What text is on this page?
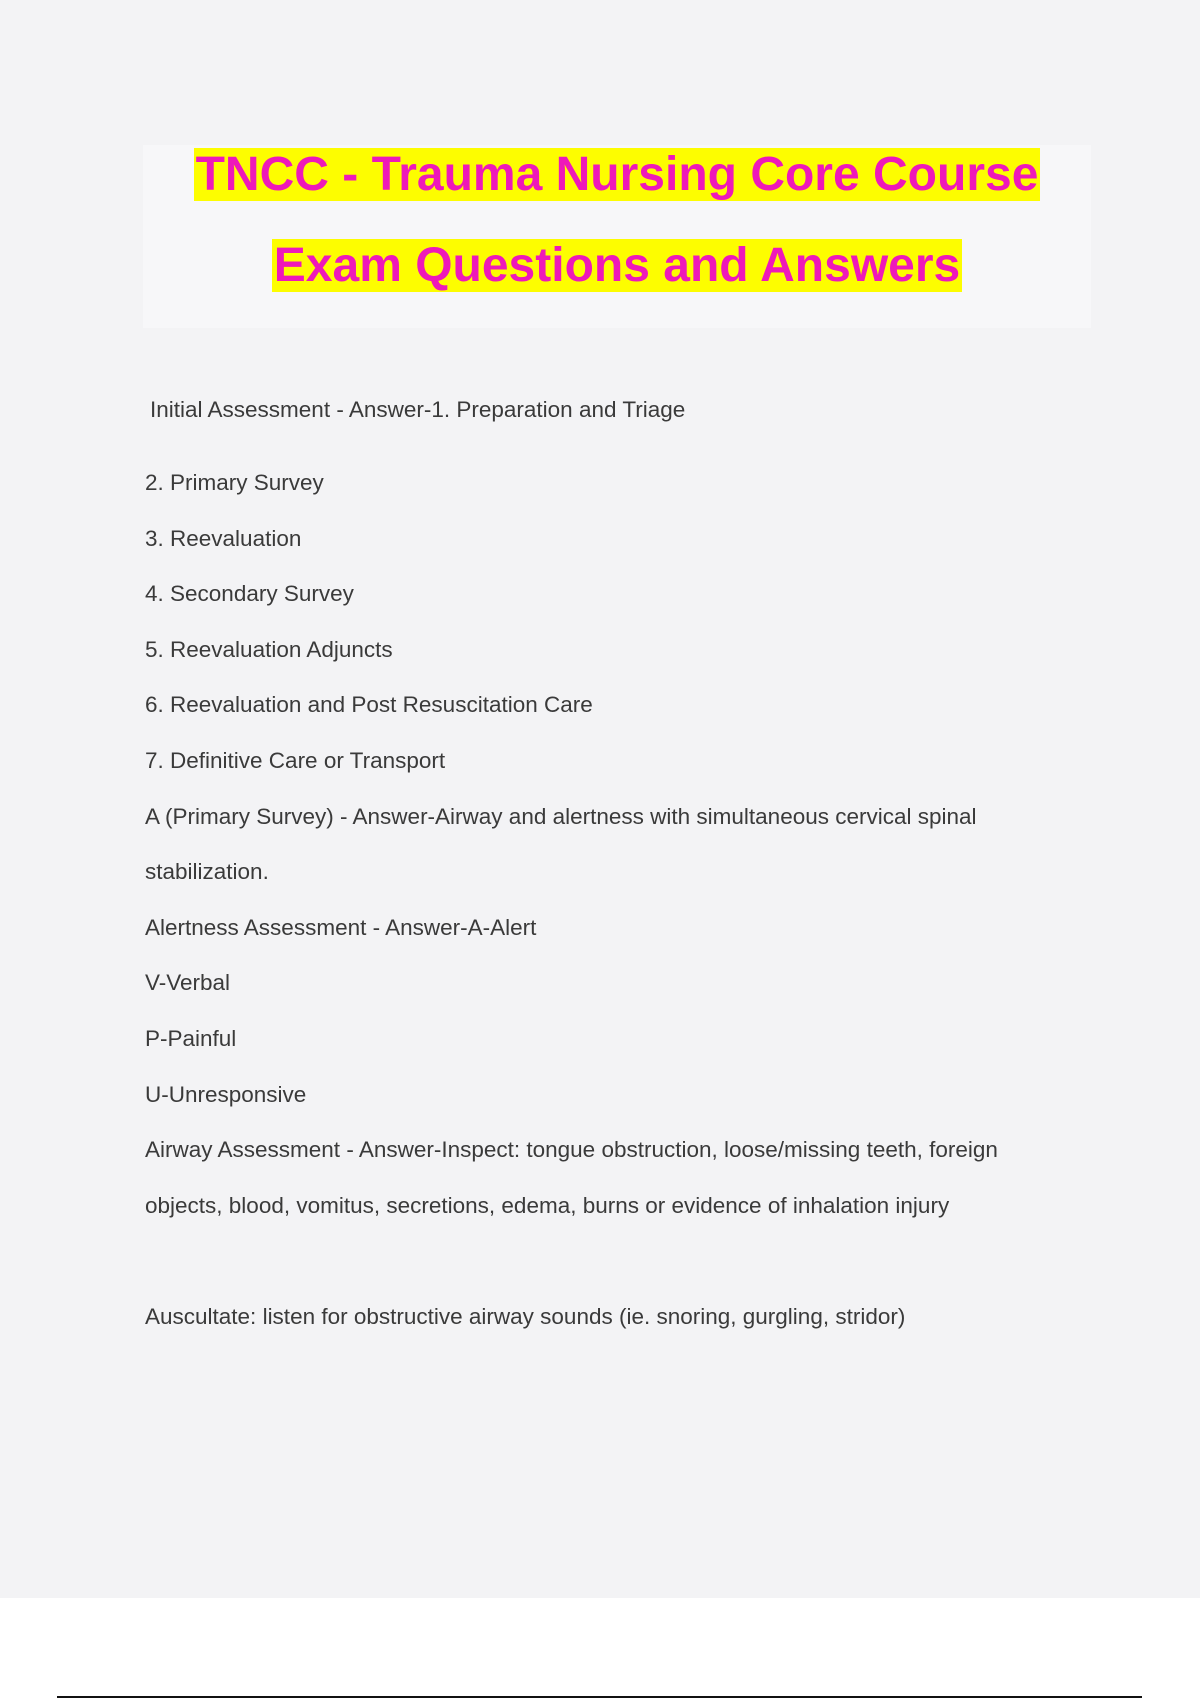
TNCC - Trauma Nursing Core Course
Exam Questions and Answers
Initial Assessment - Answer-1. Preparation and Triage
2. Primary Survey
3. Reevaluation
4. Secondary Survey
5. Reevaluation Adjuncts
6. Reevaluation and Post Resuscitation Care
7. Definitive Care or Transport
A (Primary Survey) - Answer-Airway and alertness with simultaneous cervical spinal
stabilization.
Alertness Assessment - Answer-A-Alert
V-Verbal
P-Painful
U-Unresponsive
Airway Assessment - Answer-Inspect: tongue obstruction, loose/missing teeth, foreign
objects, blood, vomitus, secretions, edema, burns or evidence of inhalation injury
Auscultate: listen for obstructive airway sounds (ie. snoring, gurgling, stridor)
